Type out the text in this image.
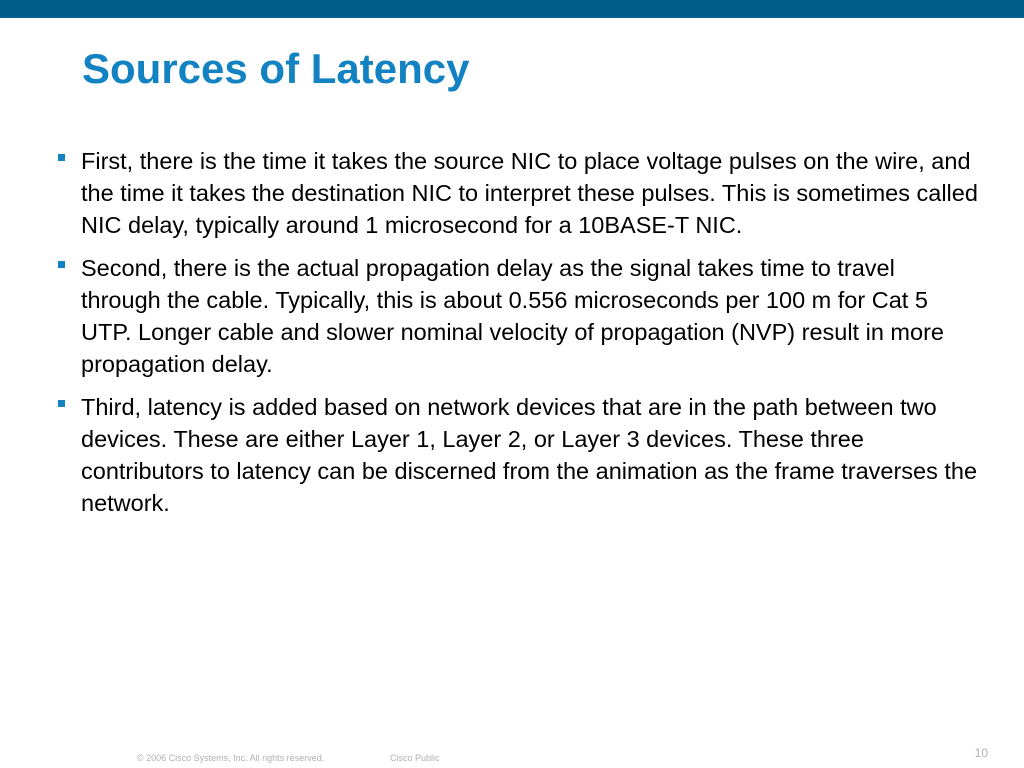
Sources of Latency
First, there is the time it takes the source NIC to place voltage pulses on the wire, and the time it takes the destination NIC to interpret these pulses. This is sometimes called NIC delay, typically around 1 microsecond for a 10BASE-T NIC.
Second, there is the actual propagation delay as the signal takes time to travel through the cable. Typically, this is about 0.556 microseconds per 100 m for Cat 5 UTP. Longer cable and slower nominal velocity of propagation (NVP) result in more propagation delay.
Third, latency is added based on network devices that are in the path between two devices. These are either Layer 1, Layer 2, or Layer 3 devices. These three contributors to latency can be discerned from the animation as the frame traverses the network.
© 2006 Cisco Systems, Inc. All rights reserved.	Cisco Public	10
